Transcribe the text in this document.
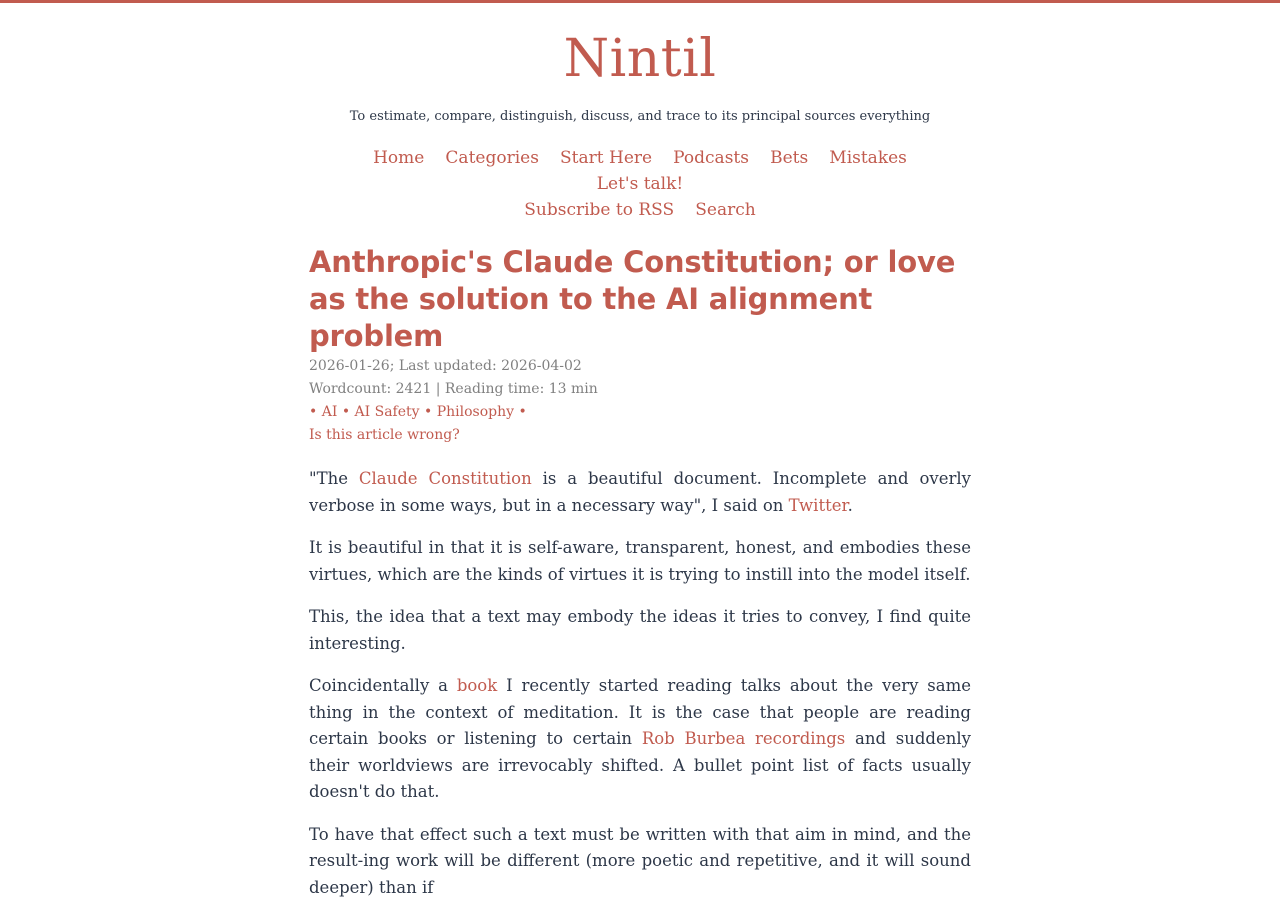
Nintil
To estimate, compare, distinguish, discuss, and trace to its principal sources everything
Home Categories Start Here Podcasts Bets Mistakes Let's talk!
Subscribe to RSS Search
Anthropic's Claude Constitution; or love as the solution to the AI alignment problem
2026-01-26; Last updated: 2026-04-02
Wordcount: 2421 | Reading time: 13 min
• AI • AI Safety • Philosophy •
Is this article wrong?

"The Claude Constitution is a beautiful document. Incomplete and overly verbose in some ways, but in a necessary way", I said on Twitter.

It is beautiful in that it is self-aware, transparent, honest, and embodies these virtues, which are the kinds of virtues it is trying to instill into the model itself.

This, the idea that a text may embody the ideas it tries to convey, I find quite interesting.

Coincidentally a book I recently started reading talks about the very same thing in the context of meditation. It is the case that people are reading certain books or listening to certain Rob Burbea recordings and suddenly their worldviews are irrevocably shifted. A bullet point list of facts usually doesn't do that.

To have that effect such a text must be written with that aim in mind, and the result-ing work will be different (more poetic and repetitive, and it will sound deeper) than if
